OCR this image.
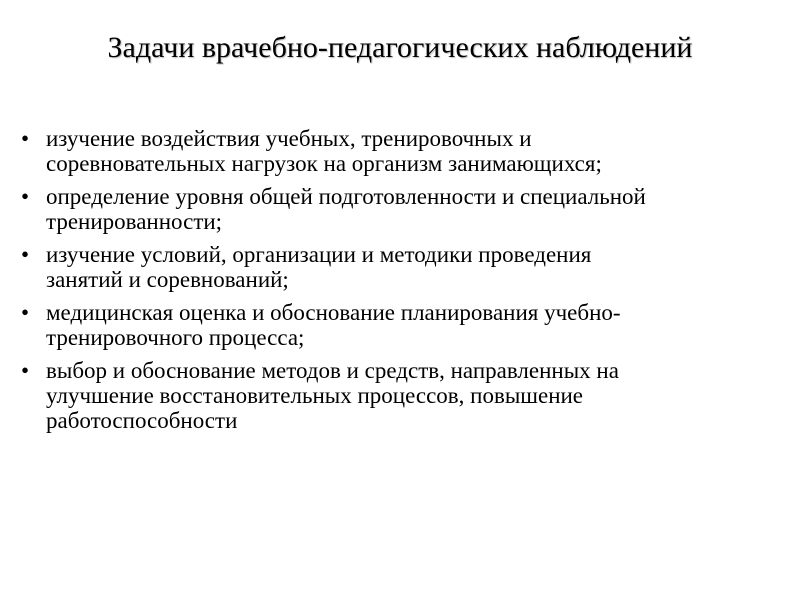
Задачи врачебно-педагогических наблюдений
• изучение воздействия учебных, тренировочных и
соревновательных нагрузок на организм занимающихся;
• определение уровня общей подготовленности и специальной
тренированности;
• изучение условий, организации и методики проведения
занятий и соревнований;
• медицинская оценка и обоснование планирования учебно-
тренировочного процесса;
• выбор и обоснование методов и средств, направленных на
улучшение восстановительных процессов, повышение
работоспособности
